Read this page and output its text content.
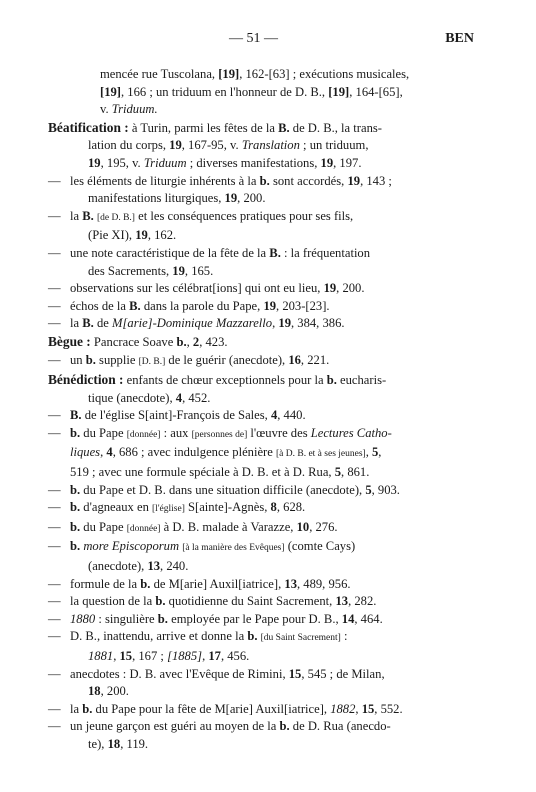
— 51 —	BEN
mencée rue Tuscolana, [19], 162-[63] ; exécutions musicales,
[19], 166 ; un triduum en l'honneur de D. B., [19], 164-[65],
v. Triduum.
Béatification : à Turin, parmi les fêtes de la B. de D. B., la trans-
lation du corps, 19, 167-95, v. Translation ; un triduum,
19, 195, v. Triduum ; diverses manifestations, 19, 197.
— les éléments de liturgie inhérents à la b. sont accordés, 19, 143 ;
manifestations liturgiques, 19, 200.
— la B. [de D. B.] et les conséquences pratiques pour ses fils,
(Pie XI), 19, 162.
— une note caractéristique de la fête de la B. : la fréquentation
des Sacrements, 19, 165.
— observations sur les célébrat[ions] qui ont eu lieu, 19, 200.
— échos de la B. dans la parole du Pape, 19, 203-[23].
— la B. de M[arie]-Dominique Mazzarello, 19, 384, 386.
Bègue : Pancrace Soave b., 2, 423.
— un b. supplie [D. B.] de le guérir (anecdote), 16, 221.
Bénédiction : enfants de chœur exceptionnels pour la b. eucharis-
tique (anecdote), 4, 452.
— B. de l'église S[aint]-François de Sales, 4, 440.
— b. du Pape [donnée] : aux [personnes de] l'œuvre des Lectures Catho-
liques, 4, 686 ; avec indulgence plénière [à D. B. et à ses jeunes], 5,
519 ; avec une formule spéciale à D. B. et à D. Rua, 5, 861.
— b. du Pape et D. B. dans une situation difficile (anecdote), 5, 903.
— b. d'agneaux en [l'église] S[ainte]-Agnès, 8, 628.
— b. du Pape [donnée] à D. B. malade à Varazze, 10, 276.
— b. more Episcoporum [à la manière des Evêques] (comte Cays)
(anecdote), 13, 240.
— formule de la b. de M[arie] Auxil[iatrice], 13, 489, 956.
— la question de la b. quotidienne du Saint Sacrement, 13, 282.
— 1880 : singulière b. employée par le Pape pour D. B., 14, 464.
— D. B., inattendu, arrive et donne la b. [du Saint Sacrement] :
1881, 15, 167 ; [1885], 17, 456.
— anecdotes : D. B. avec l'Evêque de Rimini, 15, 545 ; de Milan,
18, 200.
— la b. du Pape pour la fête de M[arie] Auxil[iatrice], 1882, 15, 552.
— un jeune garçon est guéri au moyen de la b. de D. Rua (anecdo-
te), 18, 119.
